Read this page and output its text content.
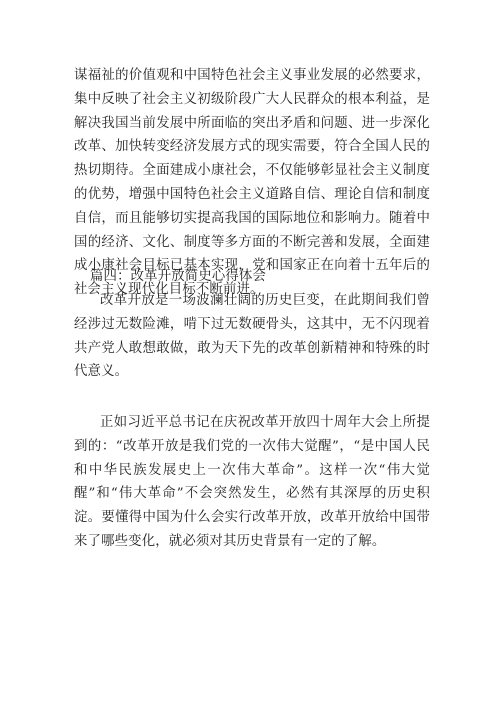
谋福祉的价值观和中国特色社会主义事业发展的必然要求，集中反映了社会主义初级阶段广大人民群众的根本利益，是解决我国当前发展中所面临的突出矛盾和问题、进一步深化改革、加快转变经济发展方式的现实需要，符合全国人民的热切期待。全面建成小康社会，不仅能够彰显社会主义制度的优势，增强中国特色社会主义道路自信、理论自信和制度自信，而且能够切实提高我国的国际地位和影响力。随着中国的经济、文化、制度等多方面的不断完善和发展，全面建成小康社会目标已基本实现，党和国家正在向着十五年后的社会主义现代化目标不断前进。

篇四：改革开放简史心得体会

改革开放是一场波澜壮阔的历史巨变，在此期间我们曾经涉过无数险滩，啃下过无数硬骨头，这其中，无不闪现着共产党人敢想敢做，敢为天下先的改革创新精神和特殊的时代意义。

正如习近平总书记在庆祝改革开放四十周年大会上所提到的：“改革开放是我们党的一次伟大觉醒”，“是中国人民和中华民族发展史上一次伟大革命”。这样一次“伟大觉醒”和“伟大革命”不会突然发生，必然有其深厚的历史积淀。要懂得中国为什么会实行改革开放，改革开放给中国带来了哪些变化，就必须对其历史背景有一定的了解。
